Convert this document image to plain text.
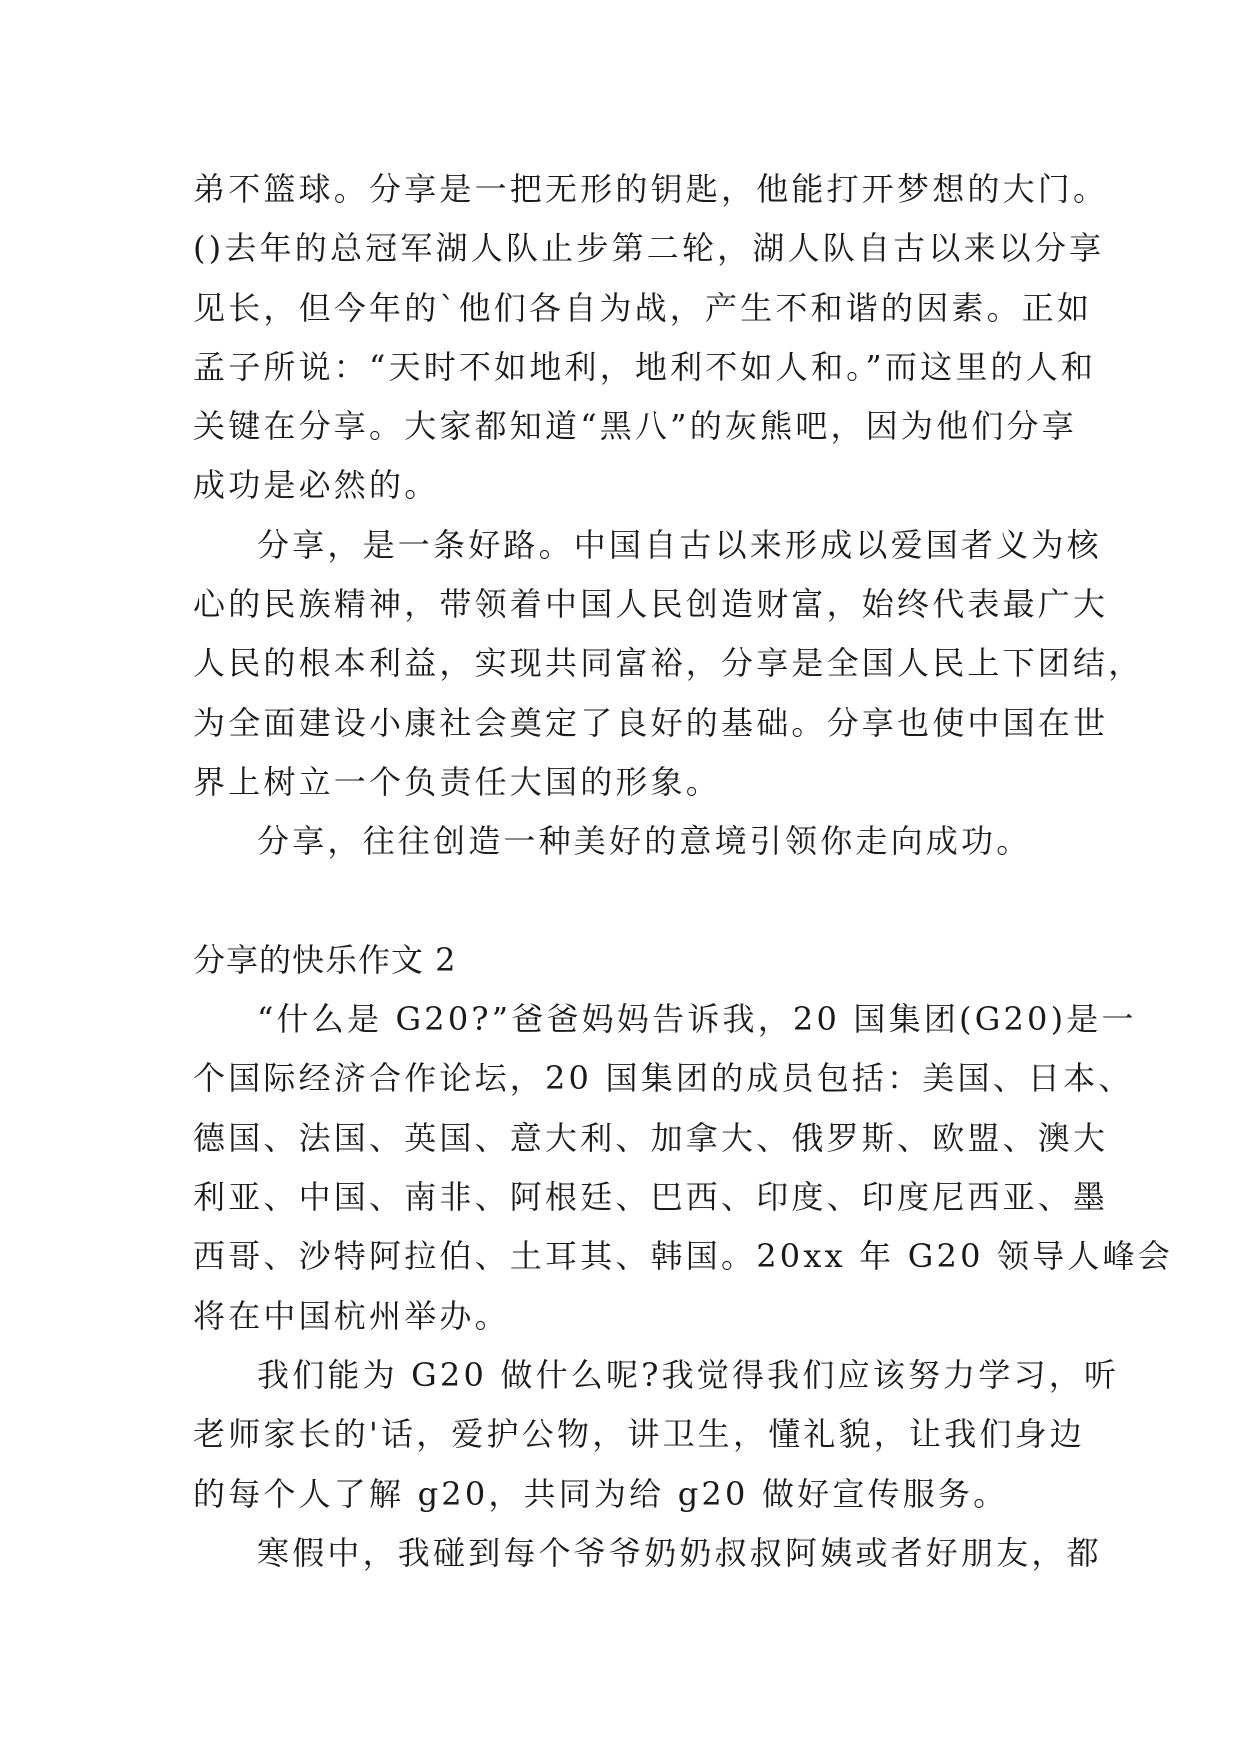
弟不篮球。分享是一把无形的钥匙，他能打开梦想的大门。
()去年的总冠军湖人队止步第二轮，湖人队自古以来以分享
见长，但今年的`他们各自为战，产生不和谐的因素。正如
孟子所说：“天时不如地利，地利不如人和。”而这里的人和
关键在分享。大家都知道“黑八”的灰熊吧，因为他们分享
成功是必然的。
分享，是一条好路。中国自古以来形成以爱国者义为核
心的民族精神，带领着中国人民创造财富，始终代表最广大
人民的根本利益，实现共同富裕，分享是全国人民上下团结，
为全面建设小康社会奠定了良好的基础。分享也使中国在世
界上树立一个负责任大国的形象。
分享，往往创造一种美好的意境引领你走向成功。
分享的快乐作文 2
“什么是 G20?”爸爸妈妈告诉我，20 国集团(G20)是一
个国际经济合作论坛，20 国集团的成员包括：美国、日本、
德国、法国、英国、意大利、加拿大、俄罗斯、欧盟、澳大
利亚、中国、南非、阿根廷、巴西、印度、印度尼西亚、墨
西哥、沙特阿拉伯、土耳其、韩国。20xx 年 G20 领导人峰会
将在中国杭州举办。
我们能为 G20 做什么呢?我觉得我们应该努力学习，听
老师家长的'话，爱护公物，讲卫生，懂礼貌，让我们身边
的每个人了解 g20，共同为给 g20 做好宣传服务。
寒假中，我碰到每个爷爷奶奶叔叔阿姨或者好朋友，都
